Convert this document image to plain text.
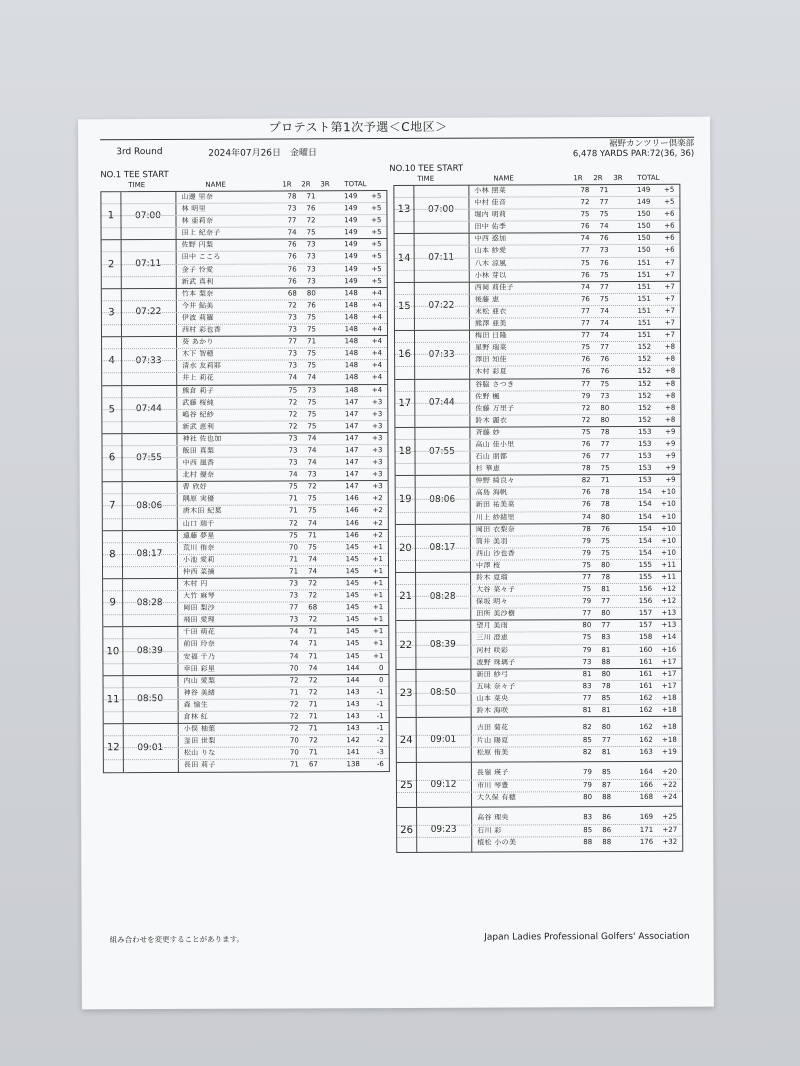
プロテスト第1次予選＜C地区＞
3rd Round	2024年07月26日　金曜日
裾野カンツリー倶楽部
6,478 YARDS PAR:72(36, 36)
NO.1 TEE START
TIME	NAME	1R 2R 3R TOTAL
1	07:00
山邊 里奈	78	71	149	+5
林 明里	73	76	149	+5
林 亜莉奈	77	72	149	+5
田上 紀奈子	74	75	149	+5
2	07:11
佐野 円梨	76	73	149	+5
田中 こころ	76	73	149	+5
金子 怜愛	76	73	149	+5
新武 真利	76	73	149	+5
3	07:22
竹本 梨奈	68	80	148	+4
今井 鮎美	72	76	148	+4
伊波 莉羅	73	75	148	+4
西村 彩也香	73	75	148	+4
4	07:33
葵 あかり	77	71	148	+4
木下 智穂	73	75	148	+4
清水 友莉耶	73	75	148	+4
井上 莉花	74	74	148	+4
5	07:44
熊倉 莉子	75	73	148	+4
武藤 桜純	72	75	147	+3
嶋谷 紀紗	72	75	147	+3
新武 恵利	72	75	147	+3
6	07:55
神社 佐也加	73	74	147	+3
飯田 真梨	73	74	147	+3
中西 風香	73	74	147	+3
北村 優奈	74	73	147	+3
7	08:06
曹 欣妤	75	72	147	+3
隅原 実優	71	75	146	+2
唐木田 紀葉	71	75	146	+2
山口 瑞千	72	74	146	+2
8	08:17
遠藤 夢星	75	71	146	+2
荒川 侑奈	70	75	145	+1
小池 愛莉	71	74	145	+1
仲西 菜摘	71	74	145	+1
9	08:28
木村 円	73	72	145	+1
大竹 麻琴	73	72	145	+1
岡田 梨沙	77	68	145	+1
飛田 愛理	73	72	145	+1
10	08:39
千田 萌花	74	71	145	+1
前田 玲奈	74	71	145	+1
安福 千乃	74	71	145	+1
幸田 彩星	70	74	144	0
11	08:50
内山 愛梨	72	72	144	0
神谷 美緒	71	72	143	-1
森 愉生	72	71	143	-1
倉林 紅	72	71	143	-1
12	09:01
小俣 柚葉	72	71	143	-1
釜田 世梨	70	72	142	-2
松山 りな	70	71	141	-3
長田 莉子	71	67	138	-6
NO.10 TEE START
TIME	NAME	1R 2R 3R TOTAL
13	07:00
小林 照菜	78	71	149	+5
中村 佳音	72	77	149	+5
堀内 明莉	75	75	150	+6
田中 佑季	76	74	150	+6
14	07:11
中西 惑加	74	76	150	+6
山本 紗愛	77	73	150	+6
八木 涼風	75	76	151	+7
小林 芽以	76	75	151	+7
15	07:22
西岡 莉佳子	74	77	151	+7
後藤 恵	76	75	151	+7
末松 亜衣	77	74	151	+7
熊澤 亜美	77	74	151	+7
16	07:33
梅田 日隆	77	74	151	+7
星野 瑞菜	75	77	152	+8
澤田 知佳	76	76	152	+8
木村 彩夏	76	76	152	+8
17	07:44
谷脇 さつき	77	75	152	+8
佐野 楓	79	73	152	+8
佐藤 万里子	72	80	152	+8
鈴木 麗衣	72	80	152	+8
18	07:55
斉藤 妙	75	78	153	+9
高山 佳小里	76	77	153	+9
石山 朋都	76	77	153	+9
杉 華恵	78	75	153	+9
19	08:06
仲野 綺良々	82	71	153	+9
高島 海帆	76	78	154	+10
新田 祐美菜	76	78	154	+10
川上 紗緒里	74	80	154	+10
20	08:17
岡田 衣梨奈	78	76	154	+10
筒井 美羽	79	75	154	+10
西山 沙也香	79	75	154	+10
中澤 桜	75	80	155	+11
21	08:28
鈴木 夏瑠	77	78	155	+11
大谷 菜々子	75	81	156	+12
保坂 明々	79	77	156	+12
田所 美沙樹	77	80	157	+13
22	08:39
望月 美雨	80	77	157	+13
三川 澄恵	75	83	158	+14
河村 咲彩	79	81	160	+16
波野 珠璃子	73	88	161	+17
23	08:50
新田 紗弓	81	80	161	+17
五味 奈々子	83	78	161	+17
山本 菜央	77	85	162	+18
鈴木 海咲	81	81	162	+18
24	09:01
吉田 菊花	82	80	162	+18
片山 陽夏	85	77	162	+18
松原 侑美	82	81	163	+19
25	09:12
長嶺 瑛子	79	85	164	+20
市川 琴豊	79	87	166	+22
大久保 有穂	80	88	168	+24
26	09:23
高谷 理央	83	86	169	+25
石川 彩	85	86	171	+27
植松 小の美	88	88	176	+32
組み合わせを変更することがあります。	Japan Ladies Professional Golfers' Association
